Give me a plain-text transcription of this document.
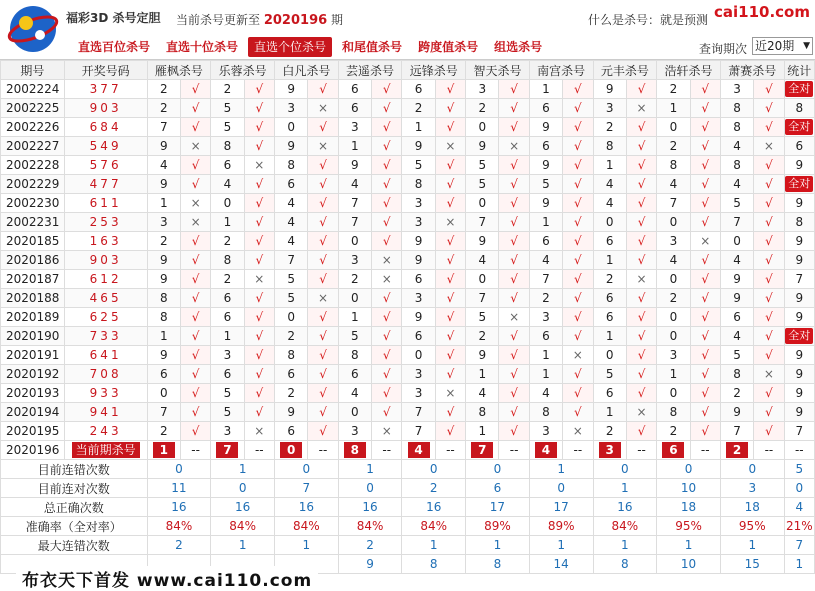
福彩3D 杀号定胆 当前杀号更新至 2020196 期	什么是杀号：就是预测 cai110.com
直选百位杀号	直选十位杀号	直选个位杀号	和尾值杀号	跨度值杀号	组选杀号	查询期次 近20期 ▼
期号	开奖号码	雁枫杀号		乐蓉杀号		白凡杀号		芸遥杀号		远锋杀号		智天杀号		南宫杀号		元丰杀号		浩轩杀号		萧赛杀号		统计
2002224	377	2	√	2	√	9	√	6	√	6	√	3	√	1	√	9	√	2	√	3	√	全对
2002225	903	2	√	5	√	3	×	6	√	2	√	2	√	6	√	3	×	1	√	8	√	8
2002226	684	7	√	5	√	0	√	3	√	1	√	0	√	9	√	2	√	0	√	8	√	全对
2002227	549	9	×	8	√	9	×	1	√	9	×	9	×	6	√	8	√	2	√	4	×	6
2002228	576	4	√	6	×	8	√	9	√	5	√	5	√	9	√	1	√	8	√	8	√	9
2002229	477	9	√	4	√	6	√	4	√	8	√	5	√	5	√	4	√	4	√	4	√	全对
2002230	611	1	×	0	√	4	√	7	√	3	√	0	√	9	√	4	√	7	√	5	√	9
2002231	253	3	×	1	√	4	√	7	√	3	×	7	√	1	√	0	√	0	√	7	√	8
2020185	163	2	√	2	√	4	√	0	√	9	√	9	√	6	√	6	√	3	×	0	√	9
2020186	903	9	√	8	√	7	√	3	×	9	√	4	√	4	√	1	√	4	√	4	√	9
2020187	612	9	√	2	×	5	√	2	×	6	√	0	√	7	√	2	×	0	√	9	√	7
2020188	465	8	√	6	√	5	×	0	√	3	√	7	√	2	√	6	√	2	√	9	√	9
2020189	625	8	√	6	√	0	√	1	√	9	√	5	×	3	√	6	√	0	√	6	√	9
2020190	733	1	√	1	√	2	√	5	√	6	√	2	√	6	√	1	√	0	√	4	√	全对
2020191	641	9	√	3	√	8	√	8	√	0	√	9	√	1	×	0	√	3	√	5	√	9
2020192	708	6	√	6	√	6	√	6	√	3	√	1	√	1	√	5	√	1	√	8	×	9
2020193	933	0	√	5	√	2	√	4	√	3	×	4	√	4	√	6	√	0	√	2	√	9
2020194	941	7	√	5	√	9	√	0	√	7	√	8	√	8	√	1	×	8	√	9	√	9
2020195	243	2	√	3	×	6	√	3	×	7	√	1	√	3	×	2	√	2	√	7	√	7
2020196	当前期杀号	1	--	7	--	0	--	8	--	4	--	7	--	4	--	3	--	6	--	2	--	--
目前连错次数		0		1		0		1		0		0		1		0		0		0		5
目前连对次数		11		0		7		0		2		6		0		1		10		3		0
总正确次数		16		16		16		16		16		17		17		16		18		18		4
准确率（全对率）		84%		84%		84%		84%		84%		89%		89%		84%		95%		95%		21%
最大连错次数		2		1		1		2		1		1		1		1		1		1		7
								9		8		8		14		8		10		15		1
布衣天下首发 www.cai110.com
